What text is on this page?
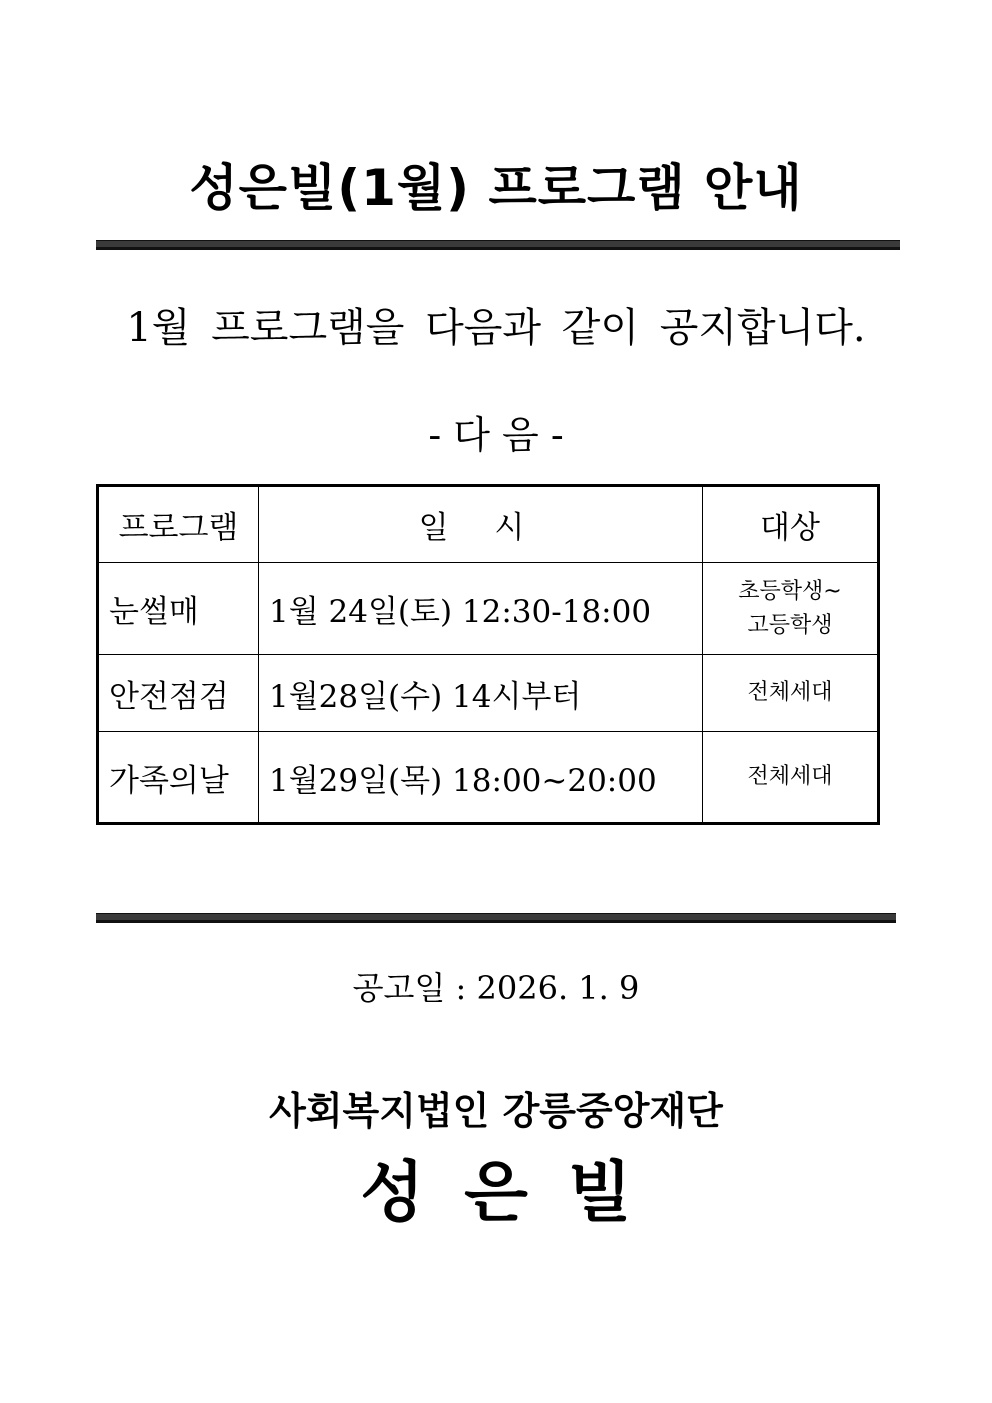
성은빌(1월) 프로그램 안내
1월 프로그램을 다음과 같이 공지합니다.
- 다 음 -
프로그램	일 시	대상
눈썰매	1월 24일(토) 12:30-18:00	초등학생~
고등학생
안전점검	1월28일(수) 14시부터	전체세대
가족의날	1월29일(목) 18:00~20:00	전체세대
공고일 : 2026. 1. 9
사회복지법인 강릉중앙재단
성은빌
